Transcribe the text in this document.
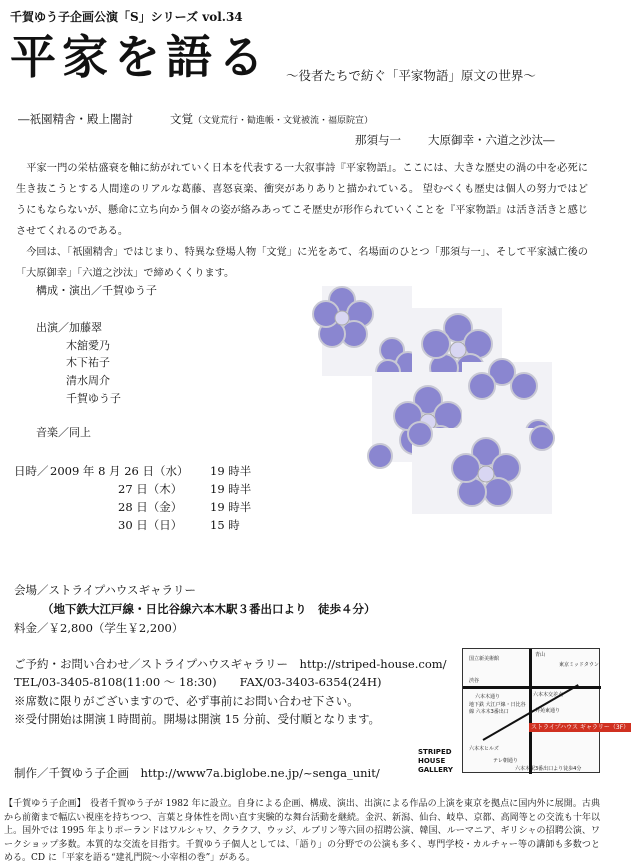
千賀ゆう子企画公演「S」シリーズ vol.34
平家を語る ～役者たちで紡ぐ「平家物語」原文の世界～
―祇園精舎・殿上闇討	文覚（文覚荒行・勧進帳・文覚被流・福原院宣）
那須与一 大原御幸・六道之沙汰―

平家一門の栄枯盛衰を軸に紡がれていく日本を代表する一大叙事詩『平家物語』。ここには、大きな歴史の渦の中を必死に生き抜こうとする人間達のリアルな葛藤、喜怒哀楽、衝突がありありと描かれている。 望むべくも歴史は個人の努力ではどうにもならないが、懸命に立ち向かう個々の姿が絡みあってこそ歴史が形作られていくことを『平家物語』は活き活きと感じさせてくれるのである。

今回は、「祇園精舎」ではじまり、特異な登場人物「文覚」に光をあて、名場面のひとつ「那須与一」、そして平家滅亡後の「大原御幸」「六道之沙汰」で締めくくります。

構成・演出／千賀ゆう子
出演／加藤翠
木舘愛乃
木下祐子
清水周介
千賀ゆう子
音楽／同上
日時／ 2009 年 8 月 26 日（水） 19 時半
27 日（木） 19 時半
28 日（金） 19 時半
30 日（日） 15 時
会場／ストライプハウスギャラリー
（地下鉄大江戸線・日比谷線六本木駅３番出口より　徒歩４分）
料金／￥2,800（学生￥2,200）
ご予約・お問い合わせ／ストライプハウスギャラリー　http://striped-house.com/
TEL/03-3405-8108(11:00 ～ 18:30)　　FAX/03-3403-6354(24H)
※席数に限りがございますので、必ず事前にお問い合わせ下さい。
※受付開始は開演１時間前。開場は開演 15 分前、受付順となります。
制作／千賀ゆう子企画　http://www7a.biglobe.ne.jp/~senga_unit/
国立新美術館
青山
東京ミッドタウン
渋谷
六本木交差点
地下鉄 大江戸線・日比谷線 六本木3番出口
六本木通り
六本木ヒルズ
テレ朝通り
外苑東通り
ストライプハウス ギャラリー（3F）
六本木駅3番出口より徒歩4分
STRIPED
HOUSE
GALLERY
【千賀ゆう子企画】　役者千賀ゆう子が 1982 年に設立。自身による企画、構成、演出、出演による作品の上演を東京を拠点に国内外に展開。古典から前衛まで幅広い視座を持ちつつ、言葉と身体性を問い直す実験的な舞台活動を継続。金沢、新潟、仙台、岐阜、京都、高岡等との交流も十年以上。国外では 1995 年よりポーランドはワルシャワ、クラクフ、ウッジ、ルブリン等六回の招聘公演、韓国、ルーマニア、ギリシャの招聘公演、ワークショップ多数。本質的な交流を目指す。千賀ゆう子個人としては、「語り」の分野での公演も多く、専門学校・カルチャー等の講師も多数つとめる。CD に「平家を語る“建礼門院～小宰相の巻”」がある。
